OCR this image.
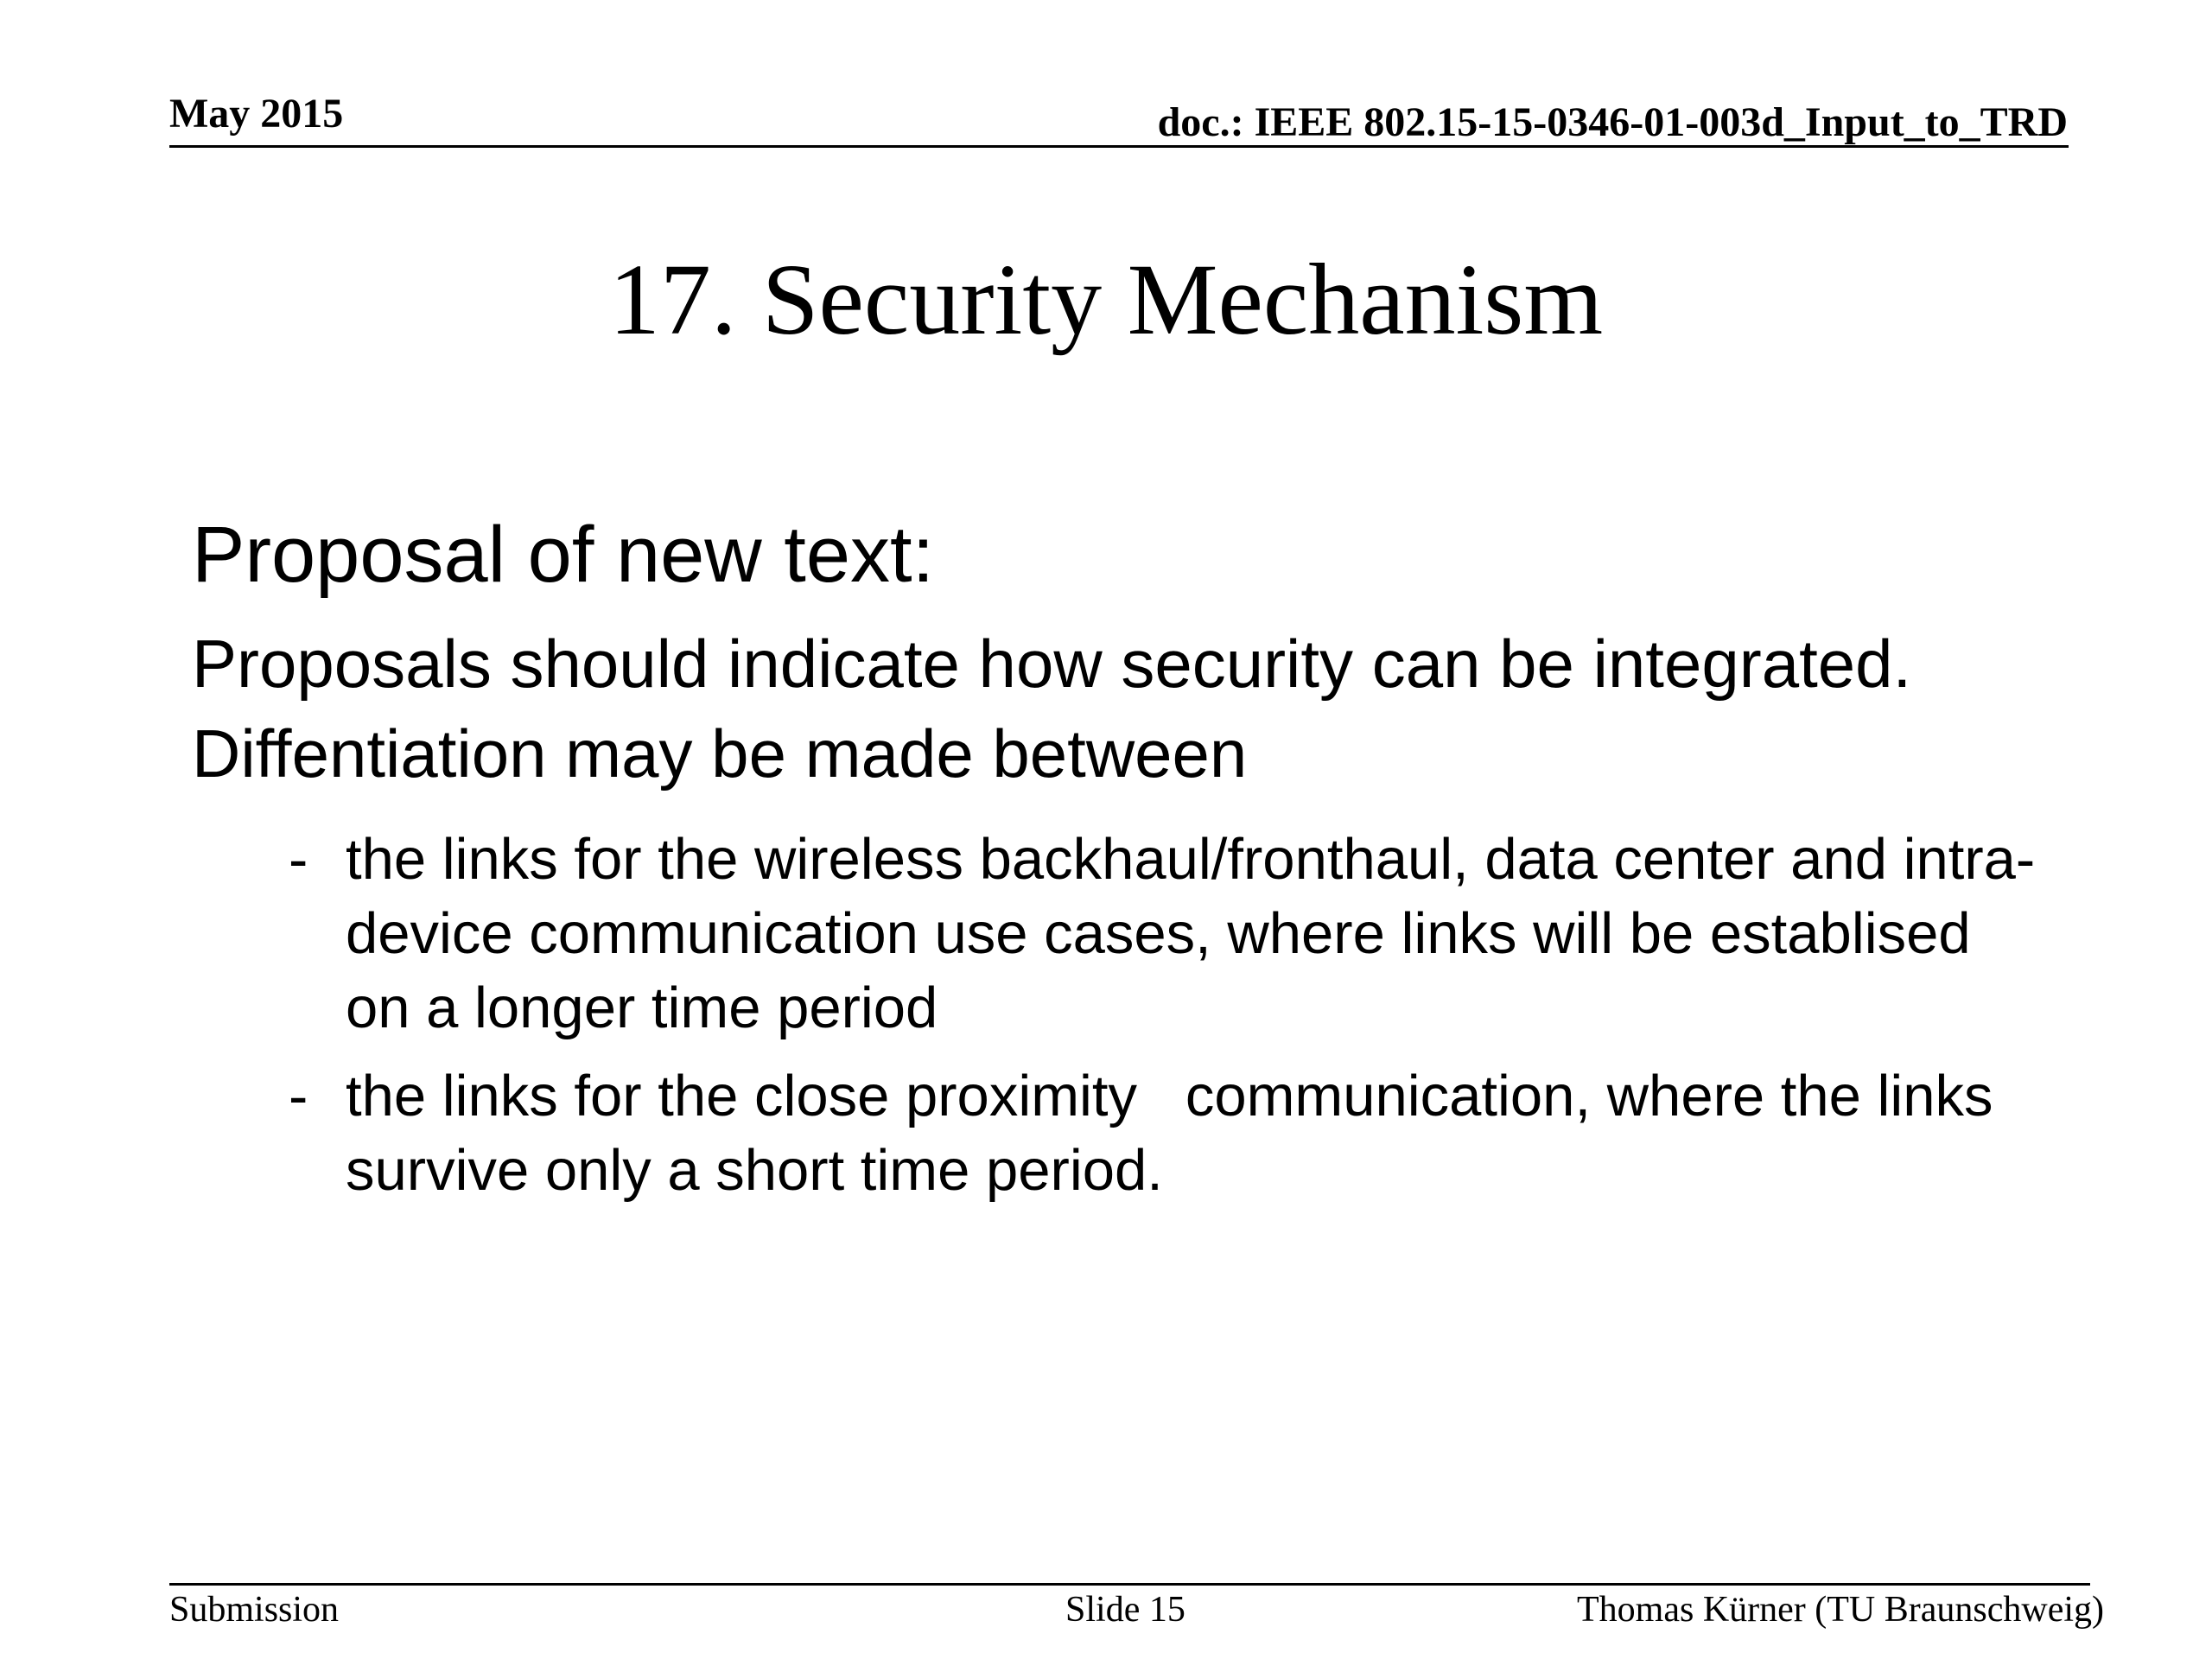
May 2015	doc.: IEEE 802.15-15-0346-01-003d_Input_to_TRD
17. Security Mechanism

Proposal of new text:

Proposals should indicate how security can be integrated. Diffentiation may be made between

- the links for the wireless backhaul/fronthaul, data center and intra-device communication use cases, where links will be establised on a longer time period
- the links for the close proximity   communication, where the links survive only a short time period.
Submission	Slide 15	Thomas Kürner (TU Braunschweig)
